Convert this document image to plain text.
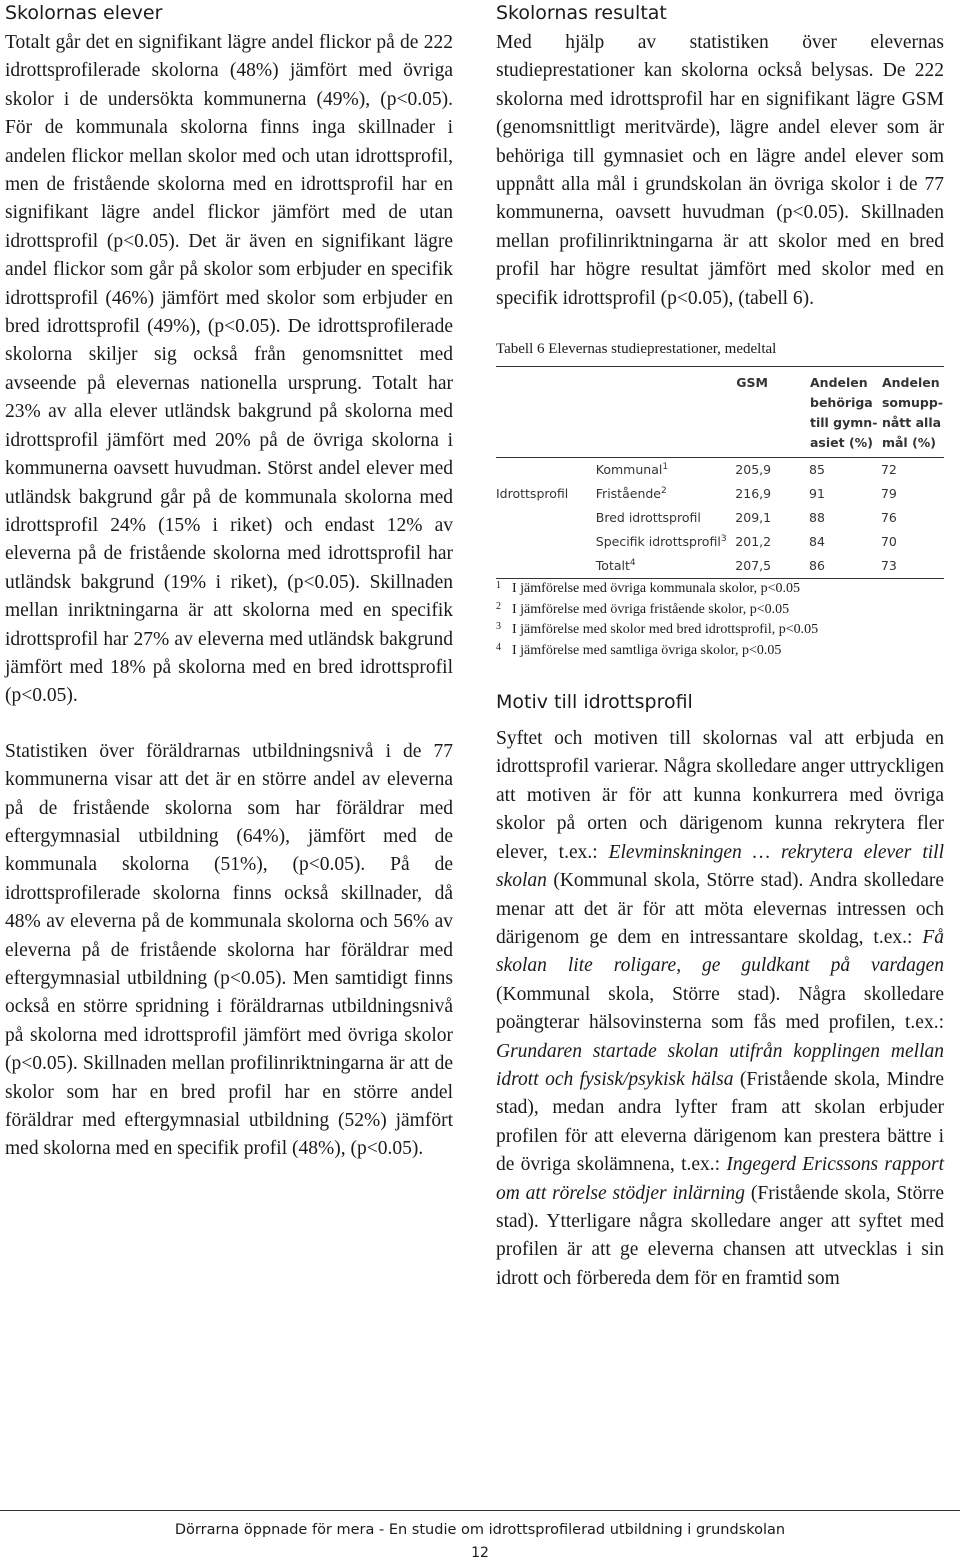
Skolornas elever

Totalt går det en signifikant lägre andel flickor på de 222 idrottsprofilerade skolorna (48%) jämfört med övriga skolor i de undersökta kommunerna (49%), (p<0.05). För de kommunala skolorna finns inga skillnader i andelen flickor mellan skolor med och utan idrottsprofil, men de fristående skolorna med en idrottsprofil har en signifikant lägre andel flickor jämfört med de utan idrottsprofil (p<0.05). Det är även en signifikant lägre andel flickor som går på skolor som erbjuder en specifik idrottsprofil (46%) jämfört med skolor som erbjuder en bred idrottsprofil (49%), (p<0.05). De idrottsprofilerade skolorna skiljer sig också från genomsnittet med avseende på elevernas nationella ursprung. Totalt har 23% av alla elever utländsk bakgrund på skolorna med idrottsprofil jämfört med 20% på de övriga skolorna i kommunerna oavsett huvudman. Störst andel elever med utländsk bakgrund går på de kommunala skolorna med idrottsprofil 24% (15% i riket) och endast 12% av eleverna på de fristående skolorna med idrottsprofil har utländsk bakgrund (19% i riket), (p<0.05). Skillnaden mellan inriktningarna är att skolorna med en specifik idrottsprofil har 27% av eleverna med utländsk bakgrund jämfört med 18% på skolorna med en bred idrottsprofil (p<0.05).

Statistiken över föräldrarnas utbildningsnivå i de 77 kommunerna visar att det är en större andel av eleverna på de fristående skolorna som har föräldrar med eftergymnasial utbildning (64%), jämfört med de kommunala skolorna (51%), (p<0.05). På de idrottsprofilerade skolorna finns också skillnader, då 48% av eleverna på de kommunala skolorna och 56% av eleverna på de fristående skolorna har föräldrar med eftergymnasial utbildning (p<0.05). Men samtidigt finns också en större spridning i föräldrarnas utbildningsnivå på skolorna med idrottsprofil jämfört med övriga skolor (p<0.05). Skillnaden mellan profilinriktningarna är att de skolor som har en bred profil har en större andel föräldrar med eftergymnasial utbildning (52%) jämfört med skolorna med en specifik profil (48%), (p<0.05).

Skolornas resultat

Med hjälp av statistiken över elevernas studieprestationer kan skolorna också belysas. De 222 skolorna med idrottsprofil har en signifikant lägre GSM (genomsnittligt meritvärde), lägre andel elever som är behöriga till gymnasiet och en lägre andel elever som uppnått alla mål i grundskolan än övriga skolor i de 77 kommunerna, oavsett huvudman (p<0.05). Skillnaden mellan profilinriktningarna är att skolor med en bred profil har högre resultat jämfört med skolor med en specifik idrottsprofil (p<0.05), (tabell 6).

Tabell 6 Elevernas studieprestationer, medeltal
		GSM	Andelen behöriga till gymn- asiet (%)	Andelen somupp- nått alla mål (%)
	Kommunal$^1$	205,9	85	72
Idrottsprofil	Fristående$^2$	216,9	91	79
	Bred idrottsprofil	209,1	88	76
	Specifik idrottsprofil$^3$	201,2	84	70
	Totalt$^4$	207,5	86	73
1 I jämförelse med övriga kommunala skolor, p<0.05
2 I jämförelse med övriga fristående skolor, p<0.05
3 I jämförelse med skolor med bred idrottsprofil, p<0.05
4 I jämförelse med samtliga övriga skolor, p<0.05
Motiv till idrottsprofil

Syftet och motiven till skolornas val att erbjuda en idrottsprofil varierar. Några skolledare anger uttryckligen att motiven är för att kunna konkurrera med övriga skolor på orten och därigenom kunna rekrytera fler elever, t.ex.: Elevminskningen … rekrytera elever till skolan (Kommunal skola, Större stad). Andra skolledare menar att det är för att möta elevernas intressen och därigenom ge dem en intressantare skoldag, t.ex.: Få skolan lite roligare, ge guldkant på vardagen (Kommunal skola, Större stad). Några skolledare poängterar hälsovinsterna som fås med profilen, t.ex.: Grundaren startade skolan utifrån kopplingen mellan idrott och fysisk/psykisk hälsa (Fristående skola, Mindre stad), medan andra lyfter fram att skolan erbjuder profilen för att eleverna därigenom kan prestera bättre i de övriga skolämnena, t.ex.: Ingegerd Ericssons rapport om att rörelse stödjer inlärning (Fristående skola, Större stad). Ytterligare några skolledare anger att syftet med profilen är att ge eleverna chansen att utvecklas i sin idrott och förbereda dem för en framtid som

Dörrarna öppnade för mera - En studie om idrottsprofilerad utbildning i grundskolan
12
